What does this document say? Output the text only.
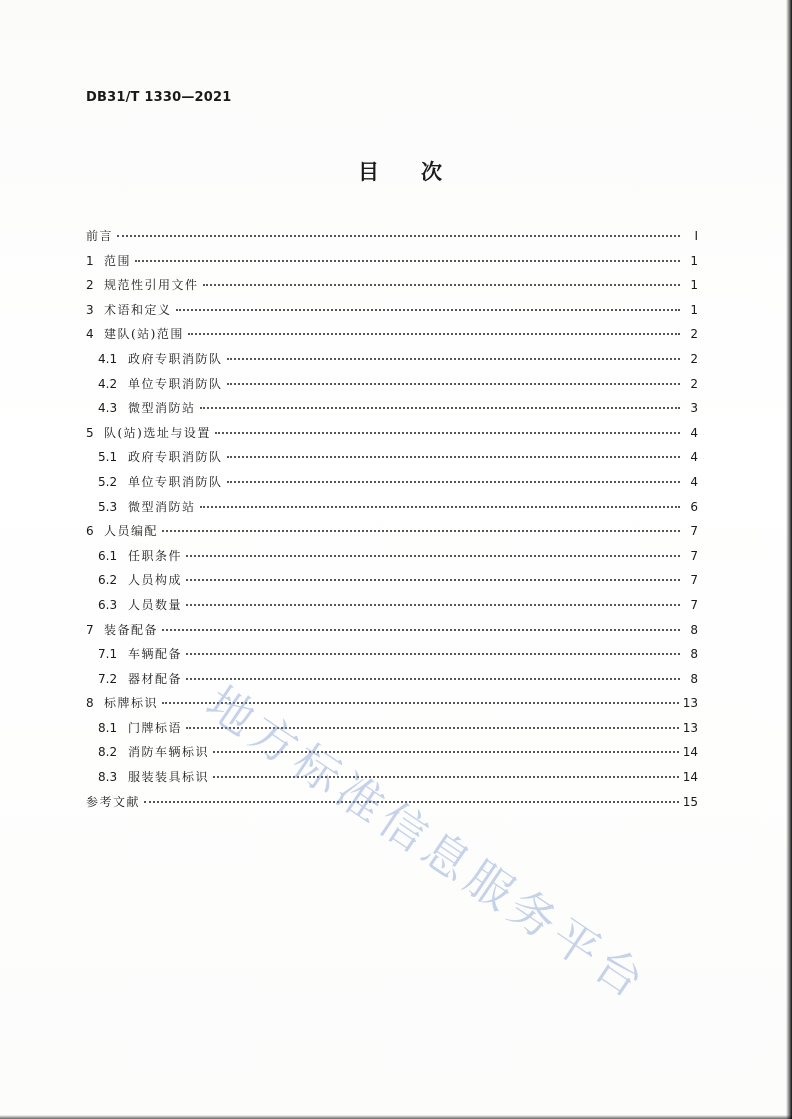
DB31/T 1330—2021
目次
前言	I
1 范围	1
2 规范性引用文件	1
3 术语和定义	1
4 建队(站)范围	2
4.1 政府专职消防队	2
4.2 单位专职消防队	2
4.3 微型消防站	3
5 队(站)选址与设置	4
5.1 政府专职消防队	4
5.2 单位专职消防队	4
5.3 微型消防站	6
6 人员编配	7
6.1 任职条件	7
6.2 人员构成	7
6.3 人员数量	7
7 装备配备	8
7.1 车辆配备	8
7.2 器材配备	8
8 标牌标识	13
8.1 门牌标语	13
8.2 消防车辆标识	14
8.3 服装装具标识	14
参考文献	15
地方标准信息服务平台
